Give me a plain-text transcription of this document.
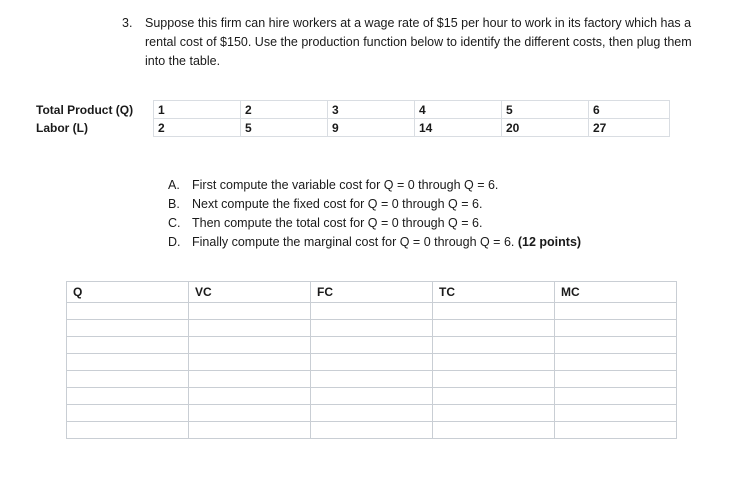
3. Suppose this firm can hire workers at a wage rate of $15 per hour to work in its factory which has a rental cost of $150. Use the production function below to identify the different costs, then plug them into the table.
Total Product (Q)	1	2	3	4	5	6
Labor (L)	2	5	9	14	20	27
A. First compute the variable cost for Q = 0 through Q = 6.
B. Next compute the fixed cost for Q = 0 through Q = 6.
C. Then compute the total cost for Q = 0 through Q = 6.
D. Finally compute the marginal cost for Q = 0 through Q = 6. (12 points)
Q	VC	FC	TC	MC
